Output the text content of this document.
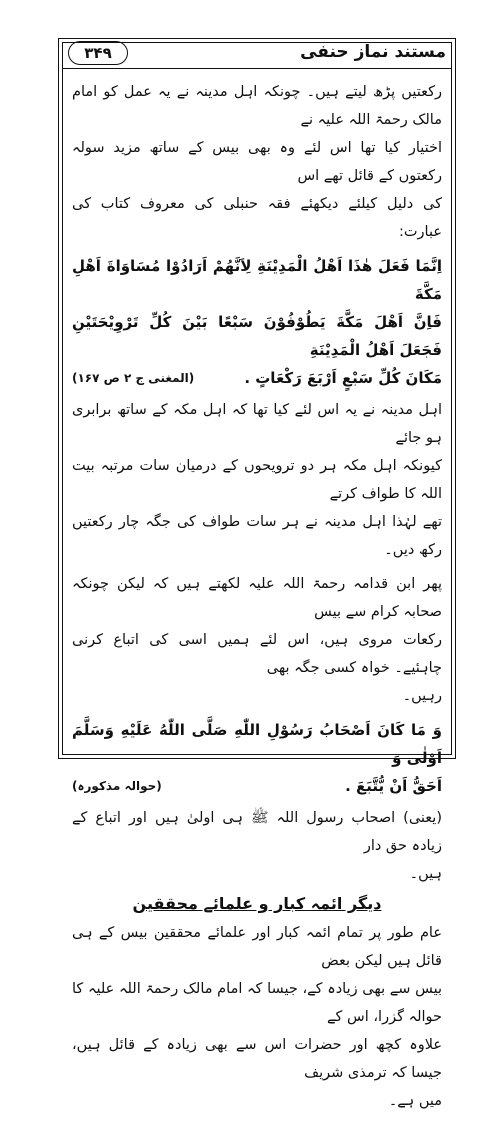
مستند نماز حنفی
۳۴۹

رکعتیں پڑھ لیتے ہیں۔ چونکہ اہل مدینہ نے یہ عمل کو امام مالک رحمۃ اللہ علیہ نے
اختیار کیا تھا اس لئے وہ بھی بیس کے ساتھ مزید سولہ رکعتوں کے قائل تھے اس
کی دلیل کیلئے دیکھئے فقہ حنبلی کی معروف کتاب کی عبارت:

اِنَّمَا فَعَلَ هٰذَا اَهْلُ الْمَدِيْنَةِ لِاَنَّهُمْ اَرَادُوْا مُسَاوَاةَ اَهْلِ مَكَّةَ
فَاِنَّ اَهْلَ مَكَّةَ يَطُوْفُوْنَ سَبْعًا بَيْنَ كُلِّ تَرْوِيْحَتَيْنِ فَجَعَلَ اَهْلُ الْمَدِيْنَةِ
مَكَانَ كُلِّ سَبْعٍ اَرْبَعَ رَكْعَاتٍ .
(المغنی ج ۲ ص ۱۶۷)

اہل مدینہ نے یہ اس لئے کیا تھا کہ اہل مکہ کے ساتھ برابری ہو جائے
کیونکہ اہل مکہ ہر دو ترویحوں کے درمیان سات مرتبہ بیت اللہ کا طواف کرتے
تھے لہٰذا اہل مدینہ نے ہر سات طواف کی جگہ چار رکعتیں رکھ دیں۔

پھر ابن قدامہ رحمۃ اللہ علیہ لکھتے ہیں کہ لیکن چونکہ صحابہ کرام سے بیس
رکعات مروی ہیں، اس لئے ہمیں اسی کی اتباع کرنی چاہئیے۔ خواہ کسی جگہ بھی
رہیں۔

وَ مَا كَانَ اَصْحَابُ رَسُوْلِ اللّٰهِ صَلَّى اللّٰهُ عَلَيْهِ وَسَلَّمَ اَوْلٰى وَ
اَحَقُّ اَنْ يُّتَّبَعَ .
(حوالہ مذکورہ)

(یعنی) اصحاب رسول اللہ ﷺ ہی اولیٰ ہیں اور اتباع کے زیادہ حق دار
ہیں۔

دیگر ائمہ کبار و علمائے محققین

عام طور پر تمام ائمہ کبار اور علمائے محققین بیس کے ہی قائل ہیں لیکن بعض
بیس سے بھی زیادہ کے، جیسا کہ امام مالک رحمۃ اللہ علیہ کا حوالہ گزرا، اس کے
علاوہ کچھ اور حضرات اس سے بھی زیادہ کے قائل ہیں، جیسا کہ ترمذی شریف
میں ہے۔
